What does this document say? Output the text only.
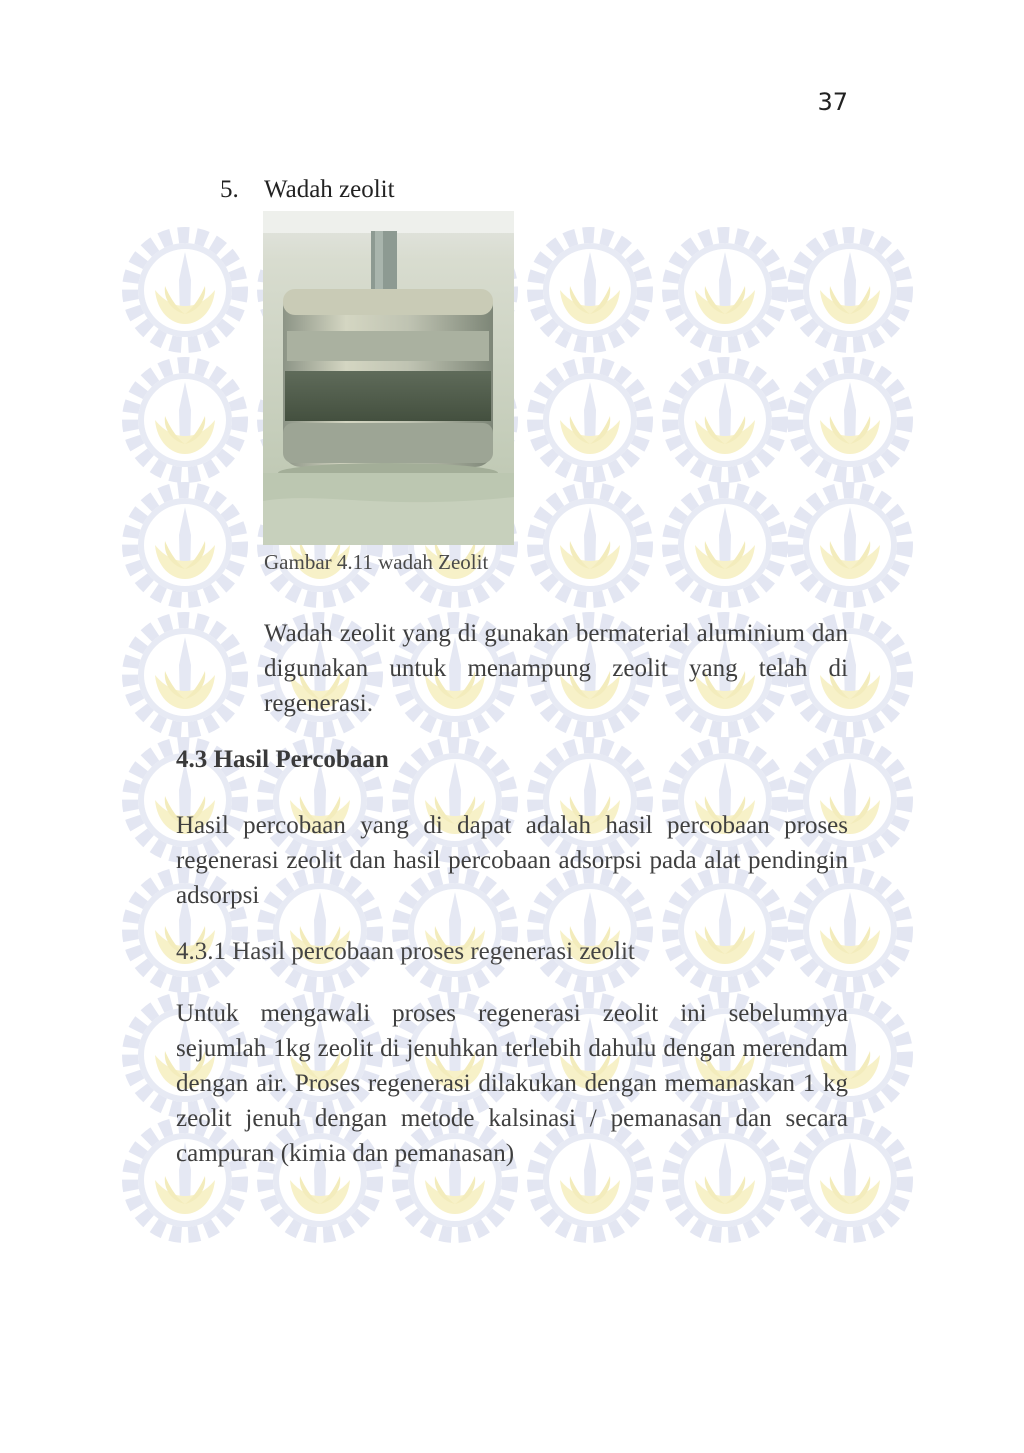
37
5. Wadah zeolit
Gambar 4.11 wadah Zeolit

Wadah zeolit yang di gunakan bermaterial aluminium dan digunakan untuk menampung zeolit yang telah di regenerasi.

4.3 Hasil Percobaan

Hasil percobaan yang di dapat adalah hasil percobaan proses regenerasi zeolit dan hasil percobaan adsorpsi pada alat pendingin adsorpsi

4.3.1 Hasil percobaan proses regenerasi zeolit

Untuk mengawali proses regenerasi zeolit ini sebelumnya sejumlah 1kg zeolit di jenuhkan terlebih dahulu dengan merendam dengan air. Proses regenerasi dilakukan dengan memanaskan 1 kg zeolit jenuh dengan metode kalsinasi / pemanasan dan secara campuran (kimia dan pemanasan)
